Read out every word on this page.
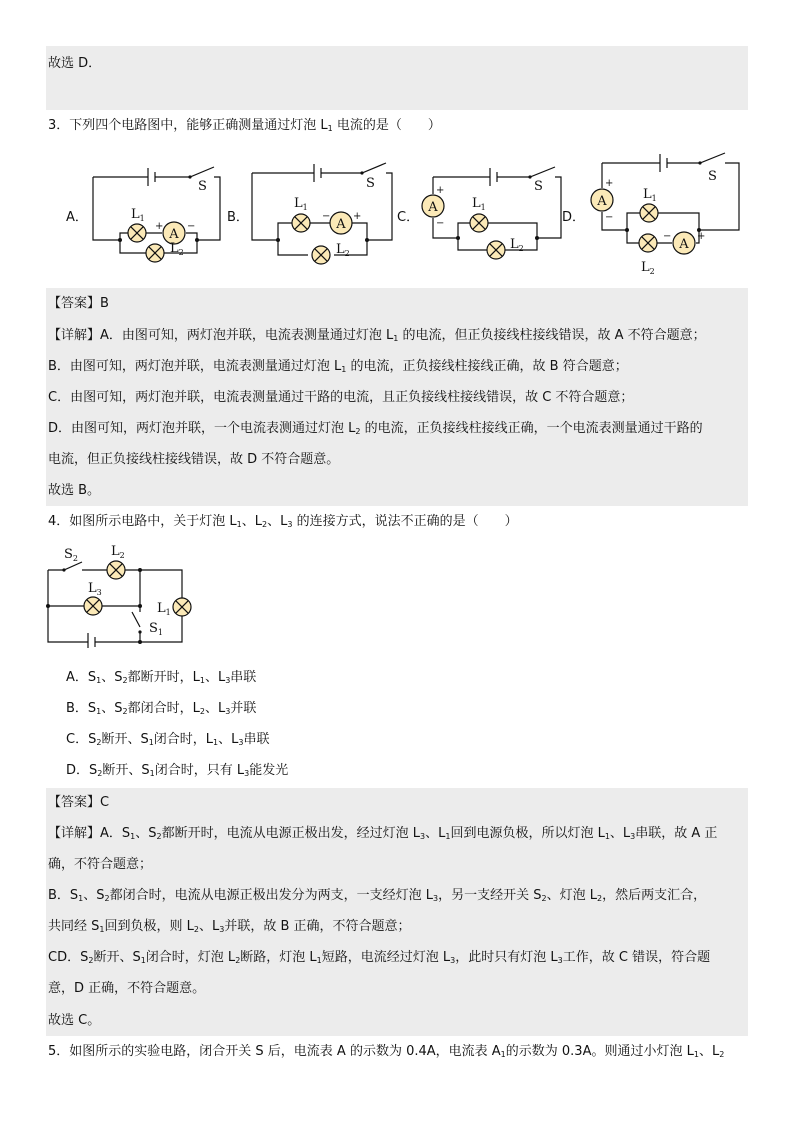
故选 D．
3．下列四个电路图中，能够正确测量通过灯泡 $L_1$ 电流的是（　　）
A．	B．	C．	D．
A
A
A	A
A
+ −
− +
+
−
+
−
−	+
$L_1$
$L_2$
S
$L_1$
$L_2$
S
$L_1$
$L_2$
S
$L_1$
$L_2$
S
【答案】B
【详解】A．由图可知，两灯泡并联，电流表测量通过灯泡 $L_1$ 的电流，但正负接线柱接线错误，故 A 不符合题意；
B．由图可知，两灯泡并联，电流表测量通过灯泡 $L_1$ 的电流，正负接线柱接线正确，故 B 符合题意；
C．由图可知，两灯泡并联，电流表测量通过干路的电流，且正负接线柱接线错误，故 C 不符合题意；
D．由图可知，两灯泡并联，一个电流表测通过灯泡 $L_2$ 的电流，正负接线柱接线正确，一个电流表测量通过干路的
电流，但正负接线柱接线错误，故 D 不符合题意。
故选 B。
4．如图所示电路中，关于灯泡 $L_1$、$L_2$、$L_3$ 的连接方式，说法不正确的是（　　）
$S_2$	$L_2$
$L_3$
$L_1$
$S_1$
A．$S_1$、$S_2$都断开时，$L_1$、$L_3$串联
B．$S_1$、$S_2$都闭合时，$L_2$、$L_3$并联
C．$S_2$断开、$S_1$闭合时，$L_1$、$L_3$串联
D．$S_2$断开、$S_1$闭合时，只有 $L_3$能发光
【答案】C
【详解】A．$S_1$、$S_2$都断开时，电流从电源正极出发，经过灯泡 $L_3$、$L_1$回到电源负极，所以灯泡 $L_1$、$L_3$串联，故 A 正
确，不符合题意；
B．$S_1$、$S_2$都闭合时，电流从电源正极出发分为两支，一支经灯泡 $L_3$，另一支经开关 $S_2$、灯泡 $L_2$，然后两支汇合，
共同经 $S_1$回到负极，则 $L_2$、$L_3$并联，故 B 正确，不符合题意；
CD．$S_2$断开、$S_1$闭合时，灯泡 $L_2$断路，灯泡 $L_1$短路，电流经过灯泡 $L_3$，此时只有灯泡 $L_3$工作，故 C 错误，符合题
意，D 正确，不符合题意。
故选 C。
5．如图所示的实验电路，闭合开关 S 后，电流表 A 的示数为 0.4A，电流表 $A_1$的示数为 0.3A。则通过小灯泡 $L_1$、$L_2$
